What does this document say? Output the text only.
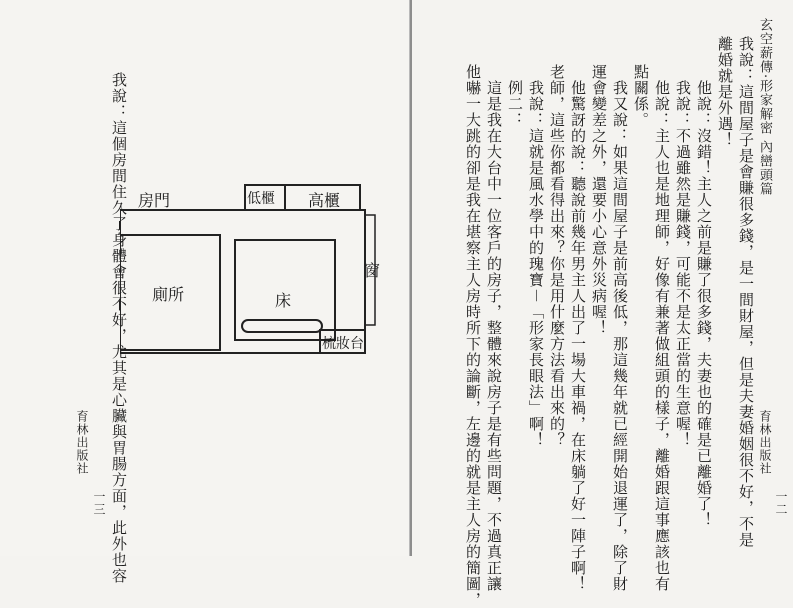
我說：這個房間住久了身體會很不好，尤其是心臟與胃腸方面，此外也容 房門	低櫃 高櫃
窗
廁所	床
梳妝台
育林出版社
一三
玄空薪傳‧形家解密 內巒頭篇
我說：這間屋子是會賺很多錢，是一間財屋，但是夫妻婚姻很不好，不是
離婚就是外遇！
他說：沒錯！主人之前是賺了很多錢，夫妻也的確是已離婚了！
我說：不過雖然是賺錢，可能不是太正當的生意喔！
他說：主人也是地理師，好像有兼著做組頭的樣子，離婚跟這事應該也有
點關係。
我又說：如果這間屋子是前高後低，那這幾年就已經開始退運了，除了財
運會變差之外，還要小心意外災病喔！
他驚訝的說：聽說前幾年男主人出了一場大車禍，在床躺了好一陣子啊！
老師，這些你都看得出來？你是用什麼方法看出來的？
我說：這就是風水學中的瑰寶－「形家長眼法」啊！
例二：
這是我在大台中一位客戶的房子，整體來說房子是有些問題，不過真正讓
他嚇一大跳的卻是我在堪察主人房時所下的論斷，左邊的就是主人房的簡圖，	育林出版社
一二
